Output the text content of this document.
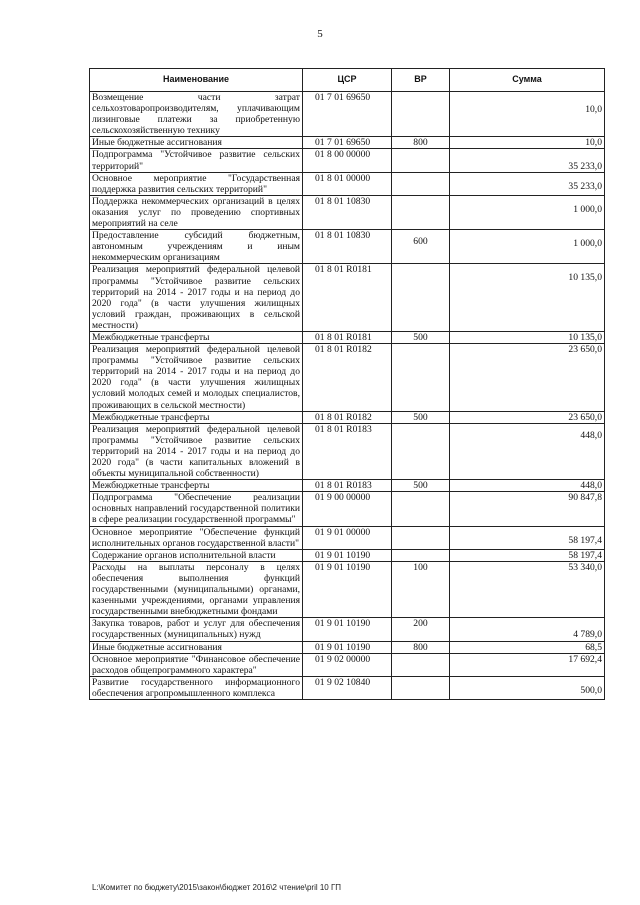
5
Наименование	ЦСР	ВР	Сумма
Возмещение части затрат сельхозтоваропроизводителям, уплачивающим лизинговые платежи за приобретенную сельскохозяйственную технику	01 7 01 69650		10,0

Иные бюджетные ассигнования	01 7 01 69650	800	10,0
Подпрограмма "Устойчивое развитие сельских территорий"	01 8 00 00000		35 233,0
Основное мероприятие "Государственная поддержка развития сельских территорий"	01 8 01 00000		35 233,0

Поддержка некоммерческих организаций в целях оказания услуг по проведению спортивных мероприятий на селе	01 8 01 10830		1 000,0

Предоставление субсидий бюджетным, автономным учреждениям и иным некоммерческим организациям	01 8 01 10830	600	1 000,0

Реализация мероприятий федеральной целевой программы "Устойчивое развитие сельских территорий на 2014 - 2017 годы и на период до 2020 года" (в части улучшения жилищных условий граждан, проживающих в сельской местности)	01 8 01 R0181		10 135,0

Межбюджетные трансферты	01 8 01 R0181	500	10 135,0
Реализация мероприятий федеральной целевой программы "Устойчивое развитие сельских территорий на 2014 - 2017 годы и на период до 2020 года" (в части улучшения жилищных условий молодых семей и молодых специалистов, проживающих в сельской местности)	01 8 01 R0182		23 650,0
Межбюджетные трансферты	01 8 01 R0182	500	23 650,0
Реализация мероприятий федеральной целевой программы "Устойчивое развитие сельских территорий на 2014 - 2017 годы и на период до 2020 года" (в части капитальных вложений в объекты муниципальной собственности)	01 8 01 R0183		448,0

Межбюджетные трансферты	01 8 01 R0183	500	448,0
Подпрограмма "Обеспечение реализации основных направлений государственной политики в сфере реализации государственной программы"	01 9 00 00000		90 847,8
Основное мероприятие "Обеспечение функций исполнительных органов государственной власти"	01 9 01 00000		58 197,4

Содержание органов исполнительной власти	01 9 01 10190		58 197,4
Расходы на выплаты персоналу в целях обеспечения выполнения функций государственными (муниципальными) органами, казенными учреждениями, органами управления государственными внебюджетными фондами	01 9 01 10190	100	53 340,0
Закупка товаров, работ и услуг для обеспечения государственных (муниципальных) нужд	01 9 01 10190	200	4 789,0
Иные бюджетные ассигнования	01 9 01 10190	800	68,5
Основное мероприятие "Финансовое обеспечение расходов общепрограммного характера"	01 9 02 00000		17 692,4
Развитие государственного информационного обеспечения агропромышленного комплекса	01 9 02 10840		500,0
L:\Комитет по бюджету\2015\закон\бюджет 2016\2 чтение\pril 10 ГП
